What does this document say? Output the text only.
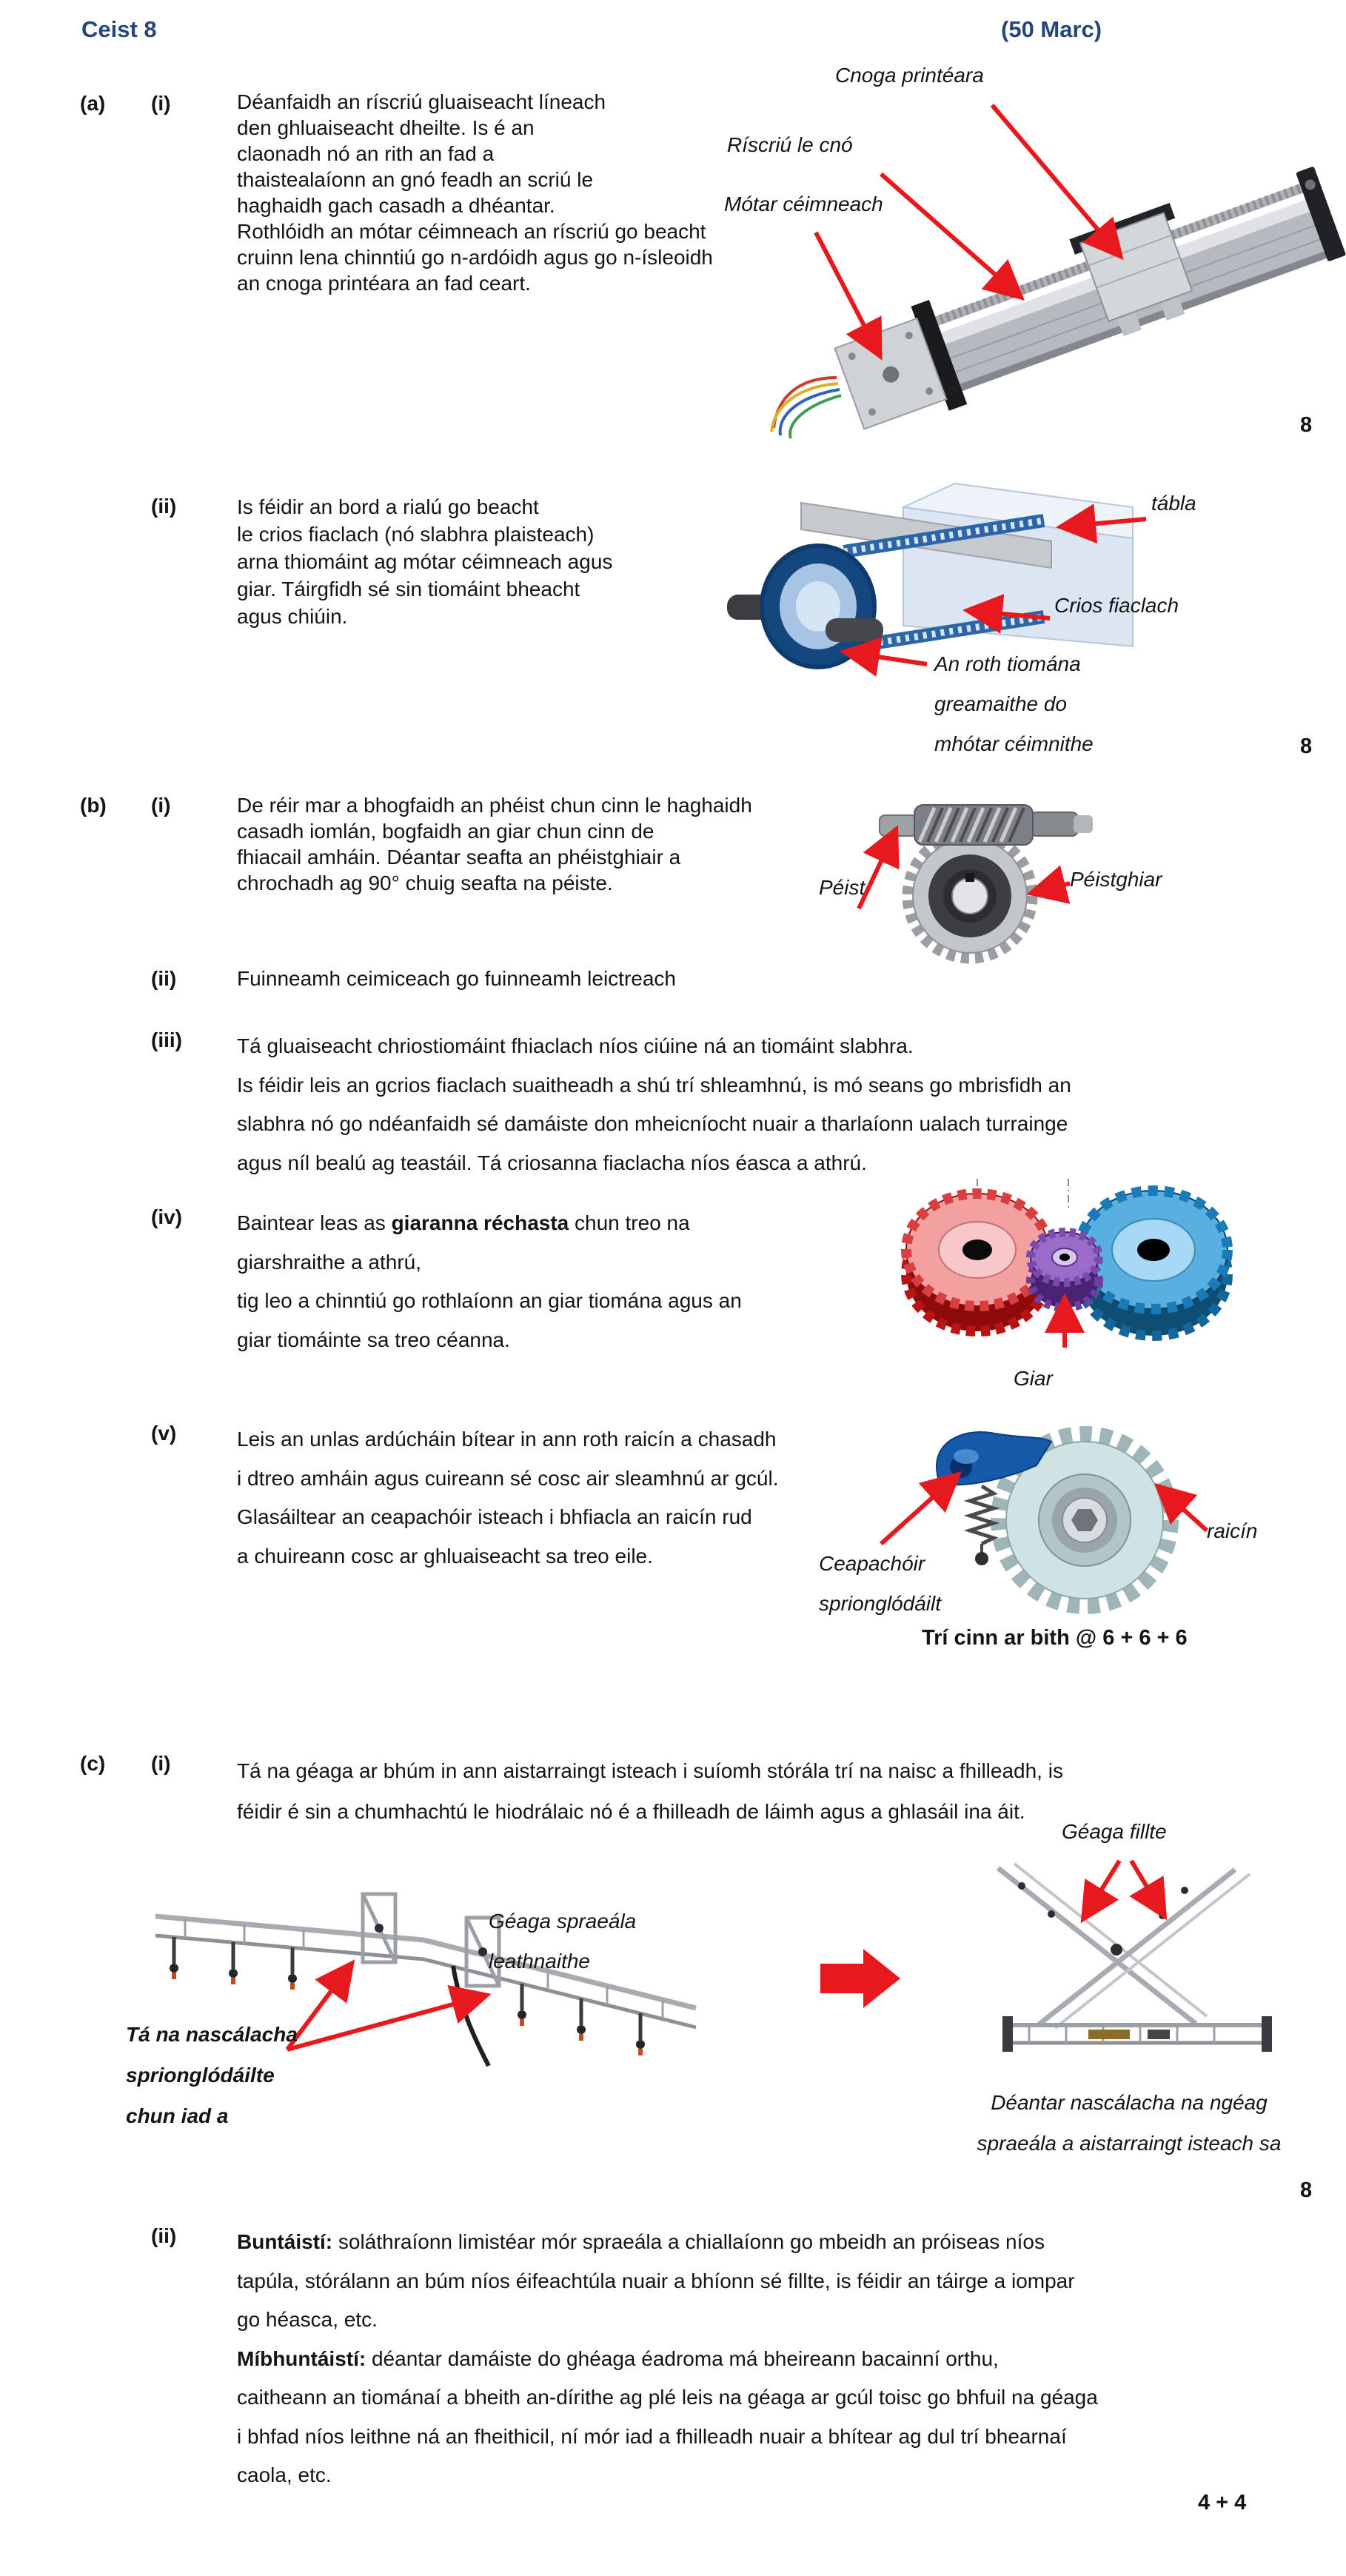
Ceist 8	(50 Marc)
(a) (i)	Déanfaidh an ríscriú gluaiseacht líneach
den ghluaiseacht dheilte. Is é an
claonadh nó an rith an fad a
thaistealaíonn an gnó feadh an scriú le
haghaidh gach casadh a dhéantar.
Rothlóidh an mótar céimneach an ríscriú go beacht
cruinn lena chinntiú go n-ardóidh agus go n-ísleoidh
an cnoga printéara an fad ceart.
8
Cnoga printéara
Ríscriú le cnó
Mótar céimneach
(ii)	Is féidir an bord a rialú go beacht
le crios fiaclach (nó slabhra plaisteach)
arna thiomáint ag mótar céimneach agus
giar. Táirgfidh sé sin tiomáint bheacht
agus chiúin.
8
tábla
Crios fiaclach
An roth tiomána
greamaithe do
mhótar céimnithe
(b) (i)	De réir mar a bhogfaidh an phéist chun cinn le haghaidh
casadh iomlán, bogfaidh an giar chun cinn de
fhiacail amháin. Déantar seafta an phéistghiair a
chrochadh ag 90° chuig seafta na péiste.	Péist	Péistghiar
(ii)	Fuinneamh ceimiceach go fuinneamh leictreach
(iii)	Tá gluaiseacht chriostiomáint fhiaclach níos ciúine ná an tiomáint slabhra.
Is féidir leis an gcrios fiaclach suaitheadh a shú trí shleamhnú, is mó seans go mbrisfidh an
slabhra nó go ndéanfaidh sé damáiste don mheicníocht nuair a tharlaíonn ualach turrainge
agus níl bealú ag teastáil. Tá criosanna fiaclacha níos éasca a athrú.
(iv)	Baintear leas as giaranna réchasta chun treo na
giarshraithe a athrú,
tig leo a chinntiú go rothlaíonn an giar tiomána agus an
giar tiomáinte sa treo céanna.
Giar
(v)	Leis an unlas ardúcháin bítear in ann roth raicín a chasadh
i dtreo amháin agus cuireann sé cosc air sleamhnú ar gcúl.
Glasáiltear an ceapachóir isteach i bhfiacla an raicín rud
a chuireann cosc ar ghluaiseacht sa treo eile.	Ceapachóir
sprionglódáilt
raicín
Trí cinn ar bith @ 6 + 6 + 6
(c) (i)	Tá na géaga ar bhúm in ann aistarraingt isteach i suíomh stórála trí na naisc a fhilleadh, is
féidir é sin a chumhachtú le hiodrálaic nó é a fhilleadh de láimh agus a ghlasáil ina áit.
Géaga spraeála
leathnaithe
Tá na nascálacha
sprionglódáilte
chun iad a
Géaga fillte
Déantar nascálacha na ngéag
spraeála a aistarraingt isteach sa
8
(ii)	Buntáistí: soláthraíonn limistéar mór spraeála a chiallaíonn go mbeidh an próiseas níos
tapúla, stórálann an búm níos éifeachtúla nuair a bhíonn sé fillte, is féidir an táirge a iompar
go héasca, etc.
Míbhuntáistí: déantar damáiste do ghéaga éadroma má bheireann bacainní orthu,
caitheann an tiománaí a bheith an-dírithe ag plé leis na géaga ar gcúl toisc go bhfuil na géaga
i bhfad níos leithne ná an fheithicil, ní mór iad a fhilleadh nuair a bhítear ag dul trí bhearnaí
caola, etc.
4 + 4
